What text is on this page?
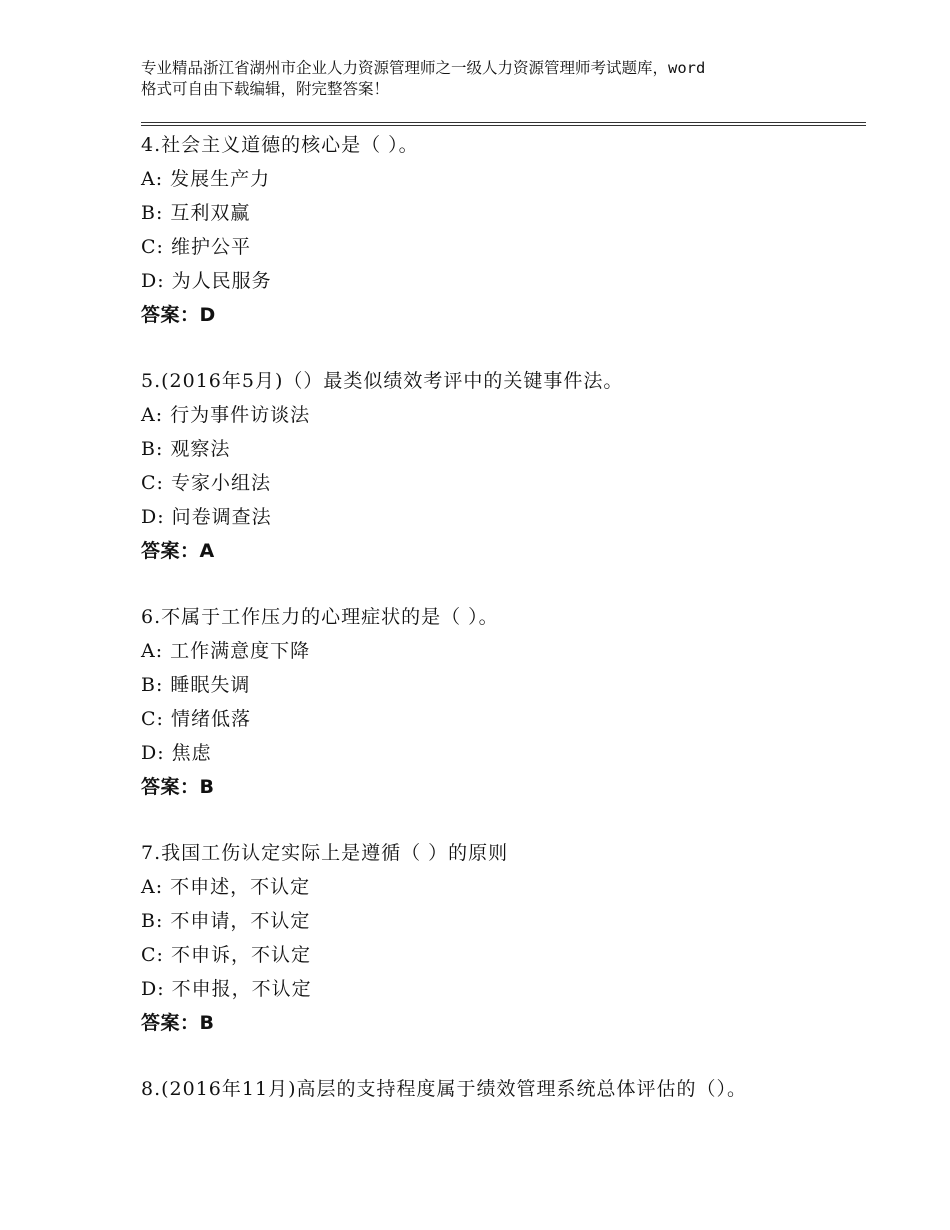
专业精品浙江省湖州市企业人力资源管理师之一级人力资源管理师考试题库，word
格式可自由下载编辑，附完整答案！
4.社会主义道德的核心是（ ）。
A: 发展生产力
B: 互利双赢
C: 维护公平
D: 为人民服务
答案：D
5.(2016年5月)（）最类似绩效考评中的关键事件法。
A: 行为事件访谈法
B: 观察法
C: 专家小组法
D: 问卷调查法
答案：A
6.不属于工作压力的心理症状的是（ ）。
A: 工作满意度下降
B: 睡眠失调
C: 情绪低落
D: 焦虑
答案：B
7.我国工伤认定实际上是遵循（ ）的原则
A: 不申述，不认定
B: 不申请，不认定
C: 不申诉，不认定
D: 不申报，不认定
答案：B
8.(2016年11月)高层的支持程度属于绩效管理系统总体评估的（）。
